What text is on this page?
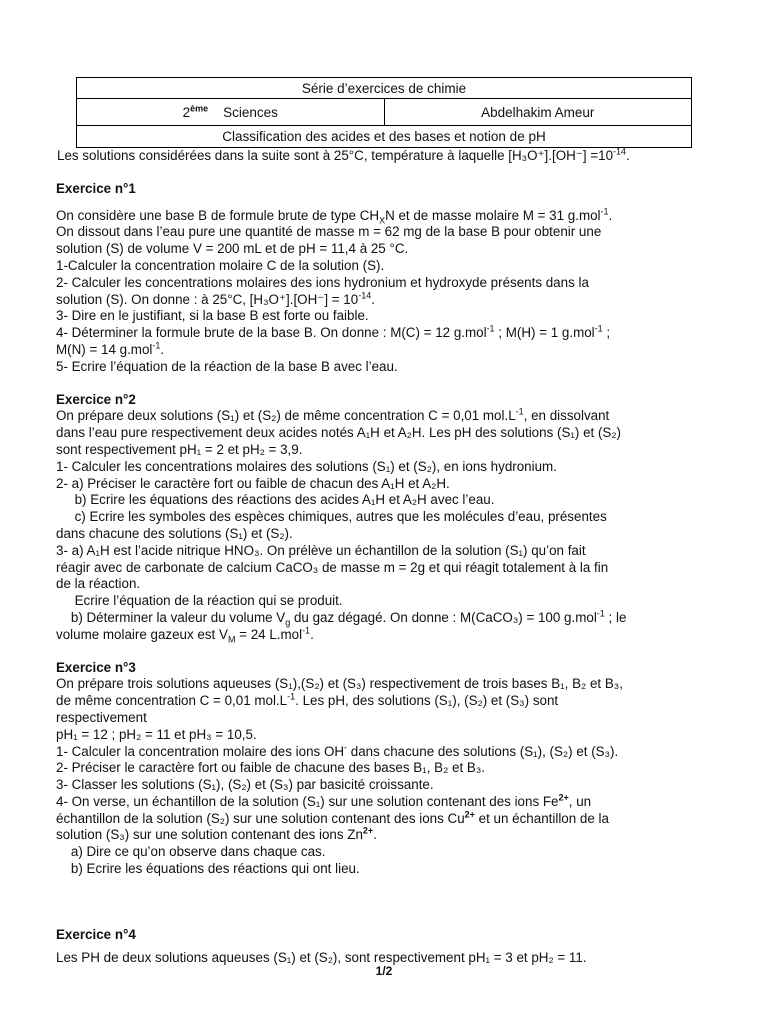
Série d’exercices de chimie
2ème Sciences	Abdelhakim Ameur
Classification des acides et des bases et notion de pH

Les solutions considérées dans la suite sont à 25°C, température à laquelle $[H_3O^+].[OH^-] =10^{-14}$.

Exercice n°1

On considère une base B de formule brute de type $CH_XN$ et de masse molaire M = 31 g.mol$^{-1}$.

On dissout dans l’eau pure une quantité de masse m = 62 mg de la base B pour obtenir une

solution (S) de volume V = 200 mL et de pH = 11,4 à 25 °C.

1-Calculer la concentration molaire C de la solution (S).

2- Calculer les concentrations molaires des ions hydronium et hydroxyde présents dans la

solution (S). On donne : à 25°C, $[H_3O^+].[OH^-] = 10^{-14}$.

3- Dire en le justifiant, si la base B est forte ou faible.

4- Déterminer la formule brute de la base B. On donne : M(C) = 12 g.mol$^{-1}$ ; M(H) = 1 g.mol$^{-1}$ ;

M(N) = 14 g.mol$^{-1}$.

5- Ecrire l’équation de la réaction de la base B avec l’eau.

Exercice n°2

On prépare deux solutions (S₁) et (S₂) de même concentration C = 0,01 $mol.L^{-1}$, en dissolvant

dans l’eau pure respectivement deux acides notés A₁H et A₂H. Les pH des solutions (S₁) et (S₂)

sont respectivement pH₁ = 2 et pH₂ = 3,9.

1- Calculer les concentrations molaires des solutions (S₁) et (S₂), en ions hydronium.

2- a) Préciser le caractère fort ou faible de chacun des A₁H et A₂H.

b) Ecrire les équations des réactions des acides A₁H et A₂H avec l’eau.

c) Ecrire les symboles des espèces chimiques, autres que les molécules d’eau, présentes

dans chacune des solutions (S₁) et (S₂).

3- a) A₁H est l’acide nitrique HNO₃. On prélève un échantillon de la solution (S₁) qu’on fait

réagir avec de carbonate de calcium CaCO₃ de masse m = 2g et qui réagit totalement à la fin

de la réaction.

Ecrire l’équation de la réaction qui se produit.

b) Déterminer la valeur du volume $V_g$ du gaz dégagé. On donne : M(CaCO₃) = 100 g.mol$^{-1}$ ; le

volume molaire gazeux est $V_M = 24$ L.mol$^{-1}$.

Exercice n°3

On prépare trois solutions aqueuses (S₁),(S₂) et (S₃) respectivement de trois bases B₁, B₂ et B₃,

de même concentration C = 0,01 $mol.L^{-1}$. Les pH, des solutions (S₁), (S₂) et (S₃) sont

respectivement

pH₁ = 12 ; pH₂ = 11 et pH₃ = 10,5.

1- Calculer la concentration molaire des ions OH- dans chacune des solutions (S₁), (S₂) et (S₃).

2- Préciser le caractère fort ou faible de chacune des bases B₁, B₂ et B₃.

3- Classer les solutions (S₁), (S₂) et (S₃) par basicité croissante.

4- On verse, un échantillon de la solution (S₁) sur une solution contenant des ions $Fe^{2+}$, un

échantillon de la solution (S₂) sur une solution contenant des ions $Cu^{2+}$ et un échantillon de la

solution (S₃) sur une solution contenant des ions $Zn^{2+}$.

a) Dire ce qu’on observe dans chaque cas.

b) Ecrire les équations des réactions qui ont lieu.

Exercice n°4

Les PH de deux solutions aqueuses (S₁) et (S₂), sont respectivement pH₁ = 3 et pH₂ = 11.

1/2
